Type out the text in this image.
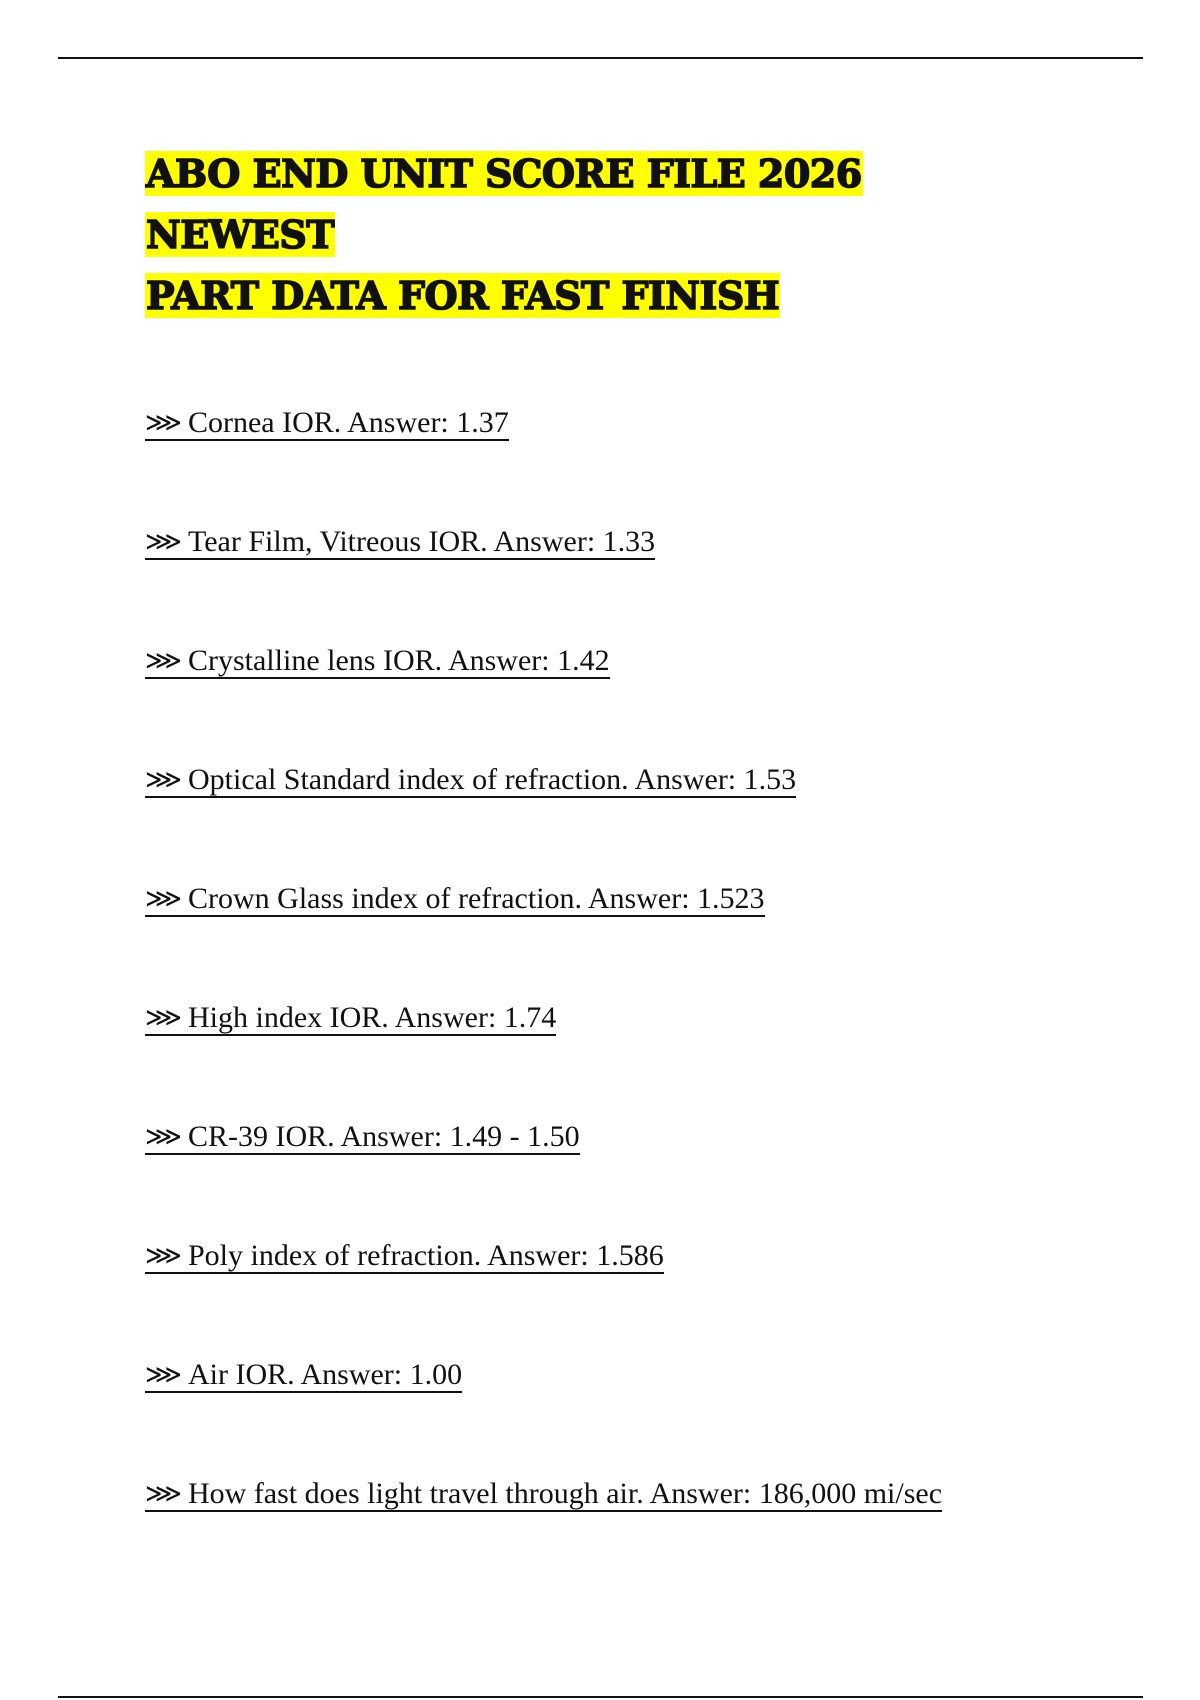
ABO END UNIT SCORE FILE 2026 NEWEST
PART DATA FOR FAST FINISH
⋙ Cornea IOR. Answer: 1.37
⋙ Tear Film, Vitreous IOR. Answer: 1.33
⋙ Crystalline lens IOR. Answer: 1.42
⋙ Optical Standard index of refraction. Answer: 1.53
⋙ Crown Glass index of refraction. Answer: 1.523
⋙ High index IOR. Answer: 1.74
⋙ CR-39 IOR. Answer: 1.49 - 1.50
⋙ Poly index of refraction. Answer: 1.586
⋙ Air IOR. Answer: 1.00
⋙ How fast does light travel through air. Answer: 186,000 mi/sec
